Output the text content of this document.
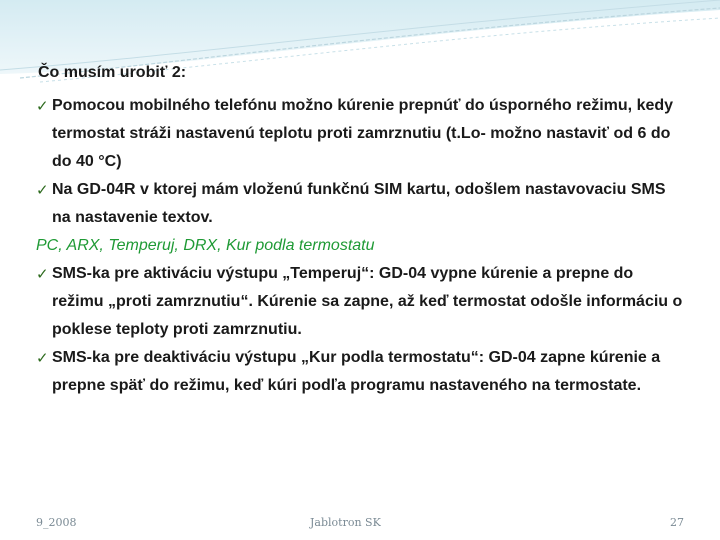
Čo musím urobiť 2:
✓ Pomocou mobilného telefónu možno kúrenie prepnúť do úsporného režimu, kedy termostat stráži nastavenú teplotu proti zamrznutiu (t.Lo- možno nastaviť od 6 do do 40 °C)
✓ Na GD-04R v ktorej mám vloženú funkčnú SIM kartu, odošlem nastavovaciu SMS na nastavenie textov.
PC, ARX, Temperuj, DRX, Kur podla termostatu
✓ SMS-ka pre aktiváciu výstupu „Temperuj“: GD-04 vypne kúrenie a prepne do režimu „proti zamrznutiu“. Kúrenie sa zapne, až keď termostat odošle informáciu o poklese teploty proti zamrznutiu.
✓ SMS-ka pre deaktiváciu výstupu „Kur podla termostatu“: GD-04 zapne kúrenie a prepne späť do režimu, keď kúri podľa programu nastaveného na termostate.
9_2008	Jablotron SK	27
